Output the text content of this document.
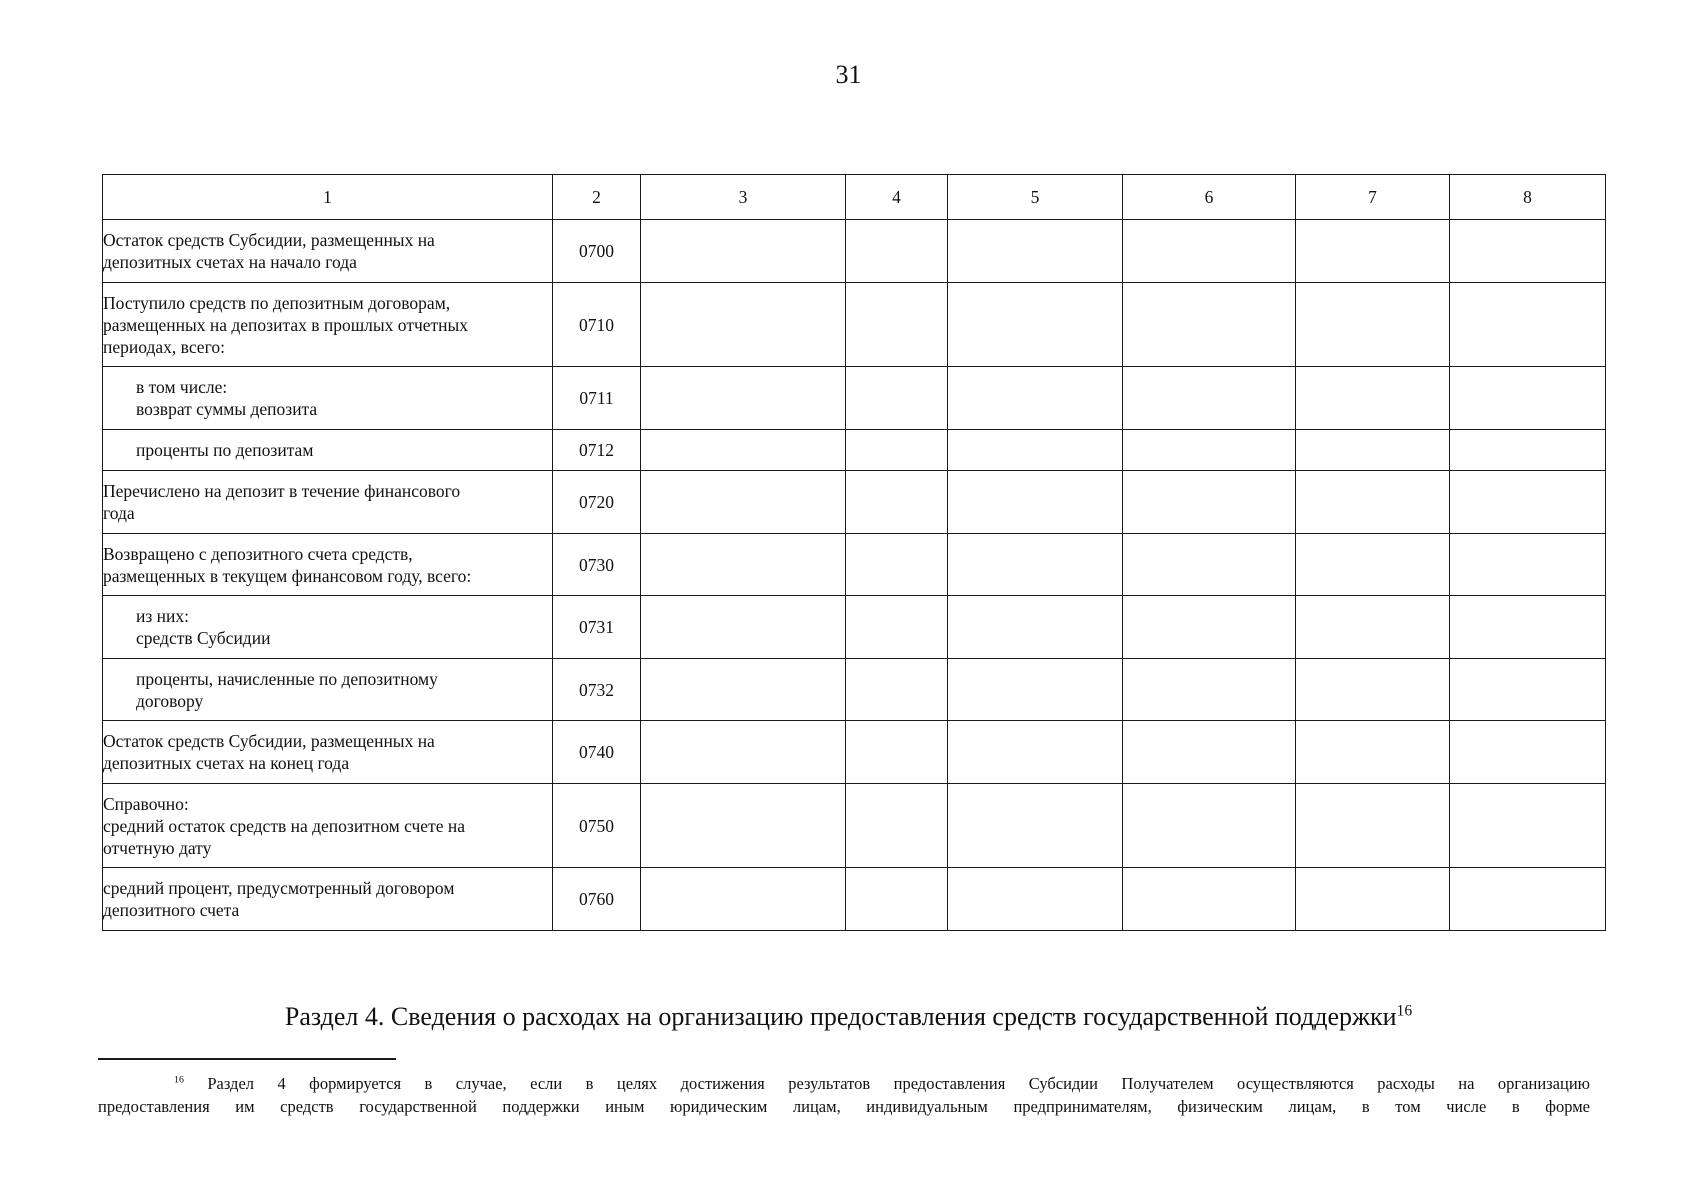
31
1	2	3	4	5	6	7	8

Остаток средств Субсидии, размещенных на
депозитных счетах на начало года	0700						

Поступило средств по депозитным договорам,
размещенных на депозитах в прошлых отчетных
периодах, всего:	0710						

в том числе:
возврат суммы депозита	0711						

проценты по депозитам	0712						

Перечислено на депозит в течение финансового
года	0720						

Возвращено с депозитного счета средств,
размещенных в текущем финансовом году, всего:	0730						

из них:
средств Субсидии	0731						

проценты, начисленные по депозитному
договору	0732						

Остаток средств Субсидии, размещенных на
депозитных счетах на конец года	0740						

Справочно:
средний остаток средств на депозитном счете на
отчетную дату	0750						

средний процент, предусмотренный договором
депозитного счета	0760						
Раздел 4. Сведения о расходах на организацию предоставления средств государственной поддержки$^{16}$
$^{16}$ Раздел 4 формируется в случае, если в целях достижения результатов предоставления Субсидии Получателем осуществляются расходы на организацию
предоставления им средств государственной поддержки иным юридическим лицам, индивидуальным предпринимателям, физическим лицам, в том числе в форме
